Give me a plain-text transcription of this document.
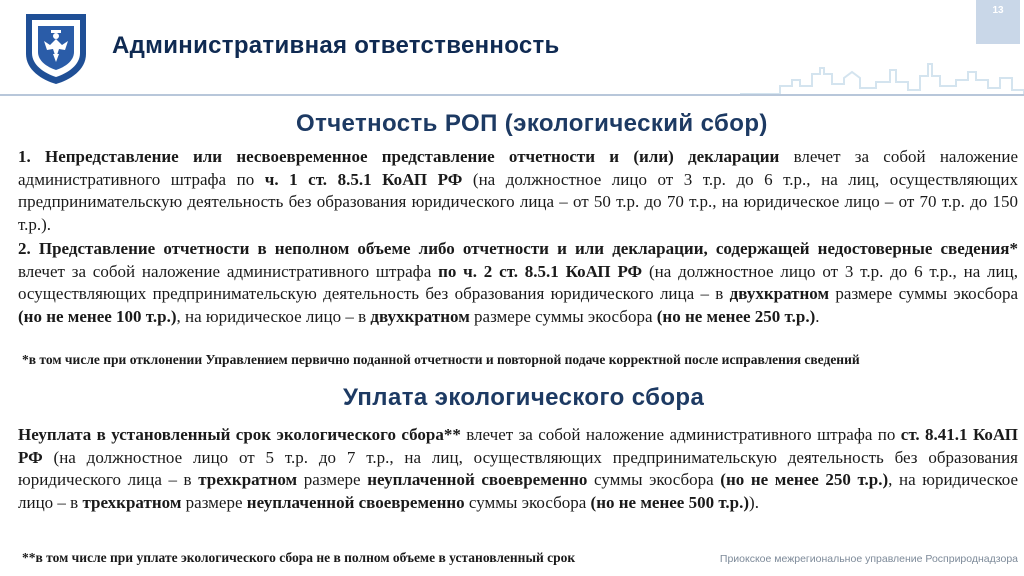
Административная ответственность
13
Отчетность РОП (экологический сбор)
1. Непредставление или несвоевременное представление отчетности и (или) декларации влечет за собой наложение административного штрафа по ч. 1 ст. 8.5.1 КоАП РФ (на должностное лицо от 3 т.р. до 6 т.р., на лиц, осуществляющих предпринимательскую деятельность без образования юридического лица – от 50 т.р. до 70 т.р., на юридическое лицо – от 70 т.р. до 150 т.р.).
2. Представление отчетности в неполном объеме либо отчетности и или декларации, содержащей недостоверные сведения* влечет за собой наложение административного штрафа по ч. 2 ст. 8.5.1 КоАП РФ (на должностное лицо от 3 т.р. до 6 т.р., на лиц, осуществляющих предпринимательскую деятельность без образования юридического лица – в двухкратном размере суммы экосбора (но не менее 100 т.р.), на юридическое лицо – в двухкратном размере суммы экосбора (но не менее 250 т.р.).
*в том числе при отклонении Управлением первично поданной отчетности и повторной подаче корректной после исправления сведений
Уплата экологического сбора
Неуплата в установленный срок экологического сбора** влечет за собой наложение административного штрафа по ст. 8.41.1 КоАП РФ (на должностное лицо от 5 т.р. до 7 т.р., на лиц, осуществляющих предпринимательскую деятельность без образования юридического лица – в трехкратном размере неуплаченной своевременно суммы экосбора (но не менее 250 т.р.), на юридическое лицо – в трехкратном размере неуплаченной своевременно суммы экосбора (но не менее 500 т.р.)).
**в том числе при уплате экологического сбора не в полном объеме в установленный срок	Приокское межрегиональное управление Росприроднадзора
